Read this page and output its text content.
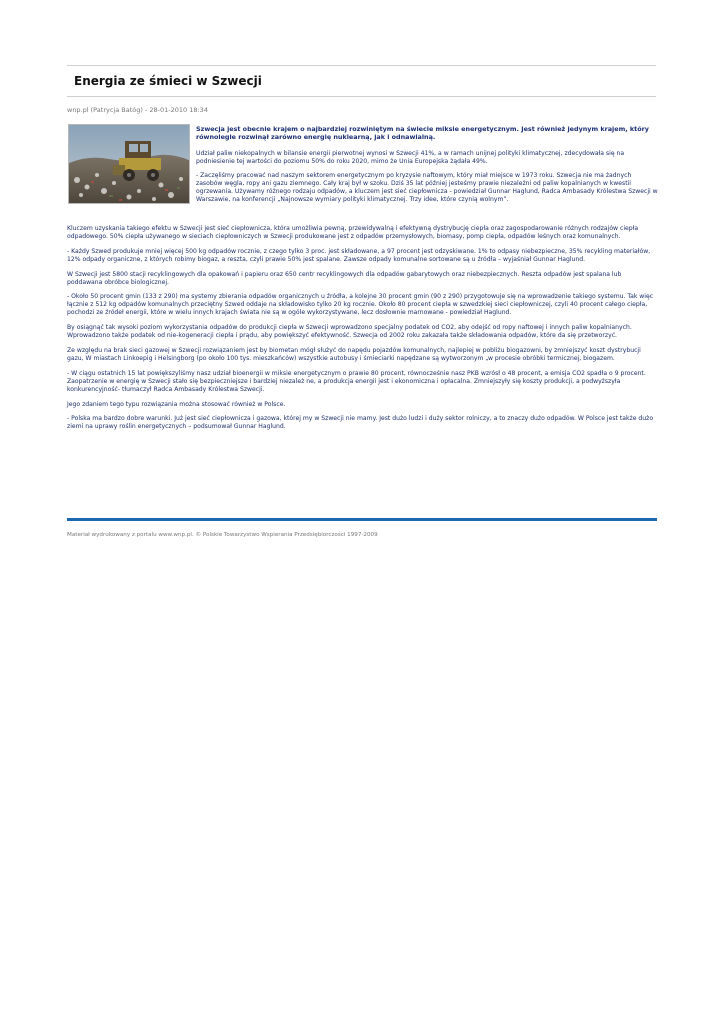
Energia ze śmieci w Szwecji
wnp.pl (Patrycja Batóg) - 28-01-2010 18:34

Szwecja jest obecnie krajem o najbardziej rozwiniętym na świecie miksie energetycznym. Jest również jedynym krajem, który równolegle rozwinął zarówno energię nuklearną, jak i odnawialną.

Udział paliw niekopalnych w bilansie energii pierwotnej wynosi w Szwecji 41%, a w ramach unijnej polityki klimatycznej, zdecydowała się na podniesienie tej wartości do poziomu 50% do roku 2020, mimo że Unia Europejska żądała 49%.

- Zaczęliśmy pracować nad naszym sektorem energetycznym po kryzysie naftowym, który miał miejsce w 1973 roku. Szwecja nie ma żadnych zasobów węgla, ropy ani gazu ziemnego. Cały kraj był w szoku. Dziś 35 lat później jesteśmy prawie niezależni od paliw kopalnianych w kwestii ogrzewania. Używamy różnego rodzaju odpadów, a kluczem jest sieć ciepłownicza - powiedział Gunnar Haglund, Radca Ambasady Królestwa Szwecji w Warszawie, na konferencji „Najnowsze wymiary polityki klimatycznej. Trzy idee, które czynią wolnym”.

Kluczem uzyskania takiego efektu w Szwecji jest sieć ciepłownicza, która umożliwia pewną, przewidywalną i efektywną dystrybucję ciepła oraz zagospodarowanie różnych rodzajów ciepła odpadowego. 50% ciepła używanego w sieciach ciepłowniczych w Szwecji produkowane jest z odpadów przemysłowych, biomasy, pomp ciepła, odpadów leśnych oraz komunalnych.

- Każdy Szwed produkuje mniej więcej 500 kg odpadów rocznie, z czego tylko 3 proc. jest składowane, a 97 procent jest odzyskiwane. 1% to odpasy niebezpieczne, 35% recykling materiałów, 12% odpady organiczne, z których robimy biogaz, a reszta, czyli prawie 50% jest spalane. Zawsze odpady komunalne sortowane są u źródła – wyjaśniał Gunnar Haglund.

W Szwecji jest 5800 stacji recyklingowych dla opakowań i papieru oraz 650 centr recyklingowych dla odpadów gabarytowych oraz niebezpiecznych. Reszta odpadów jest spalana lub poddawana obróbce biologicznej.

- Około 50 procent gmin (133 z 290) ma systemy zbierania odpadów organicznych u źródła, a kolejne 30 procent gmin (90 z 290) przygotowuje się na wprowadzenie takiego systemu. Tak więc łącznie z 512 kg odpadów komunalnych przeciętny Szwed oddaje na składowisko tylko 20 kg rocznie. Około 80 procent ciepła w szwedzkiej sieci ciepłowniczej, czyli 40 procent całego ciepła, pochodzi ze źródeł energii, które w wielu innych krajach świata nie są w ogóle wykorzystywane, lecz dosłownie marnowane - powiedział Haglund.

By osiągnąć tak wysoki poziom wykorzystania odpadów do produkcji ciepła w Szwecji wprowadzono specjalny podatek od CO2, aby odejść od ropy naftowej i innych paliw kopalnianych. Wprowadzono także podatek od nie-kogeneracji ciepła i prądu, aby powiększyć efektywność. Szwecja od 2002 roku zakazała także składowania odpadów, które da się przetworzyć.

Ze względu na brak sieci gazowej w Szwecji rozwiązaniem jest by biometan mógł służyć do napędu pojazdów komunalnych, najlepiej w pobliżu biogazowni, by zmniejszyć koszt dystrybucji gazu, W miastach Linkoepig i Helsingborg (po około 100 tys. mieszkańców) wszystkie autobusy i śmieciarki napędzane są wytworzonym „w procesie obróbki termicznej, biogazem.

- W ciągu ostatnich 15 lat powiększyliśmy nasz udział bioenergii w miksie energetycznym o prawie 80 procent, równocześnie nasz PKB wzrósł o 48 procent, a emisja CO2 spadła o 9 procent. Zaopatrzenie w energię w Szwecji stało się bezpieczniejsze i bardziej niezależ ne, a produkcja energii jest i ekonomiczna i opłacalna. Zmniejszyły się koszty produkcji, a podwyższyła konkurencyjność- tłumaczył Radca Ambasady Królestwa Szwecji.

Jego zdaniem tego typu rozwiązania można stosować również w Polsce.

- Polska ma bardzo dobre warunki. Już jest sieć ciepłownicza i gazowa, której my w Szwecji nie mamy. Jest dużo ludzi i duży sektor rolniczy, a to znaczy dużo odpadów. W Polsce jest także dużo ziemi na uprawy roślin energetycznych – podsumował Gunnar Haglund.

Materiał wydrukowany z portalu www.wnp.pl. © Polskie Towarzystwo Wspierania Przedsiębiorczości 1997-2009
